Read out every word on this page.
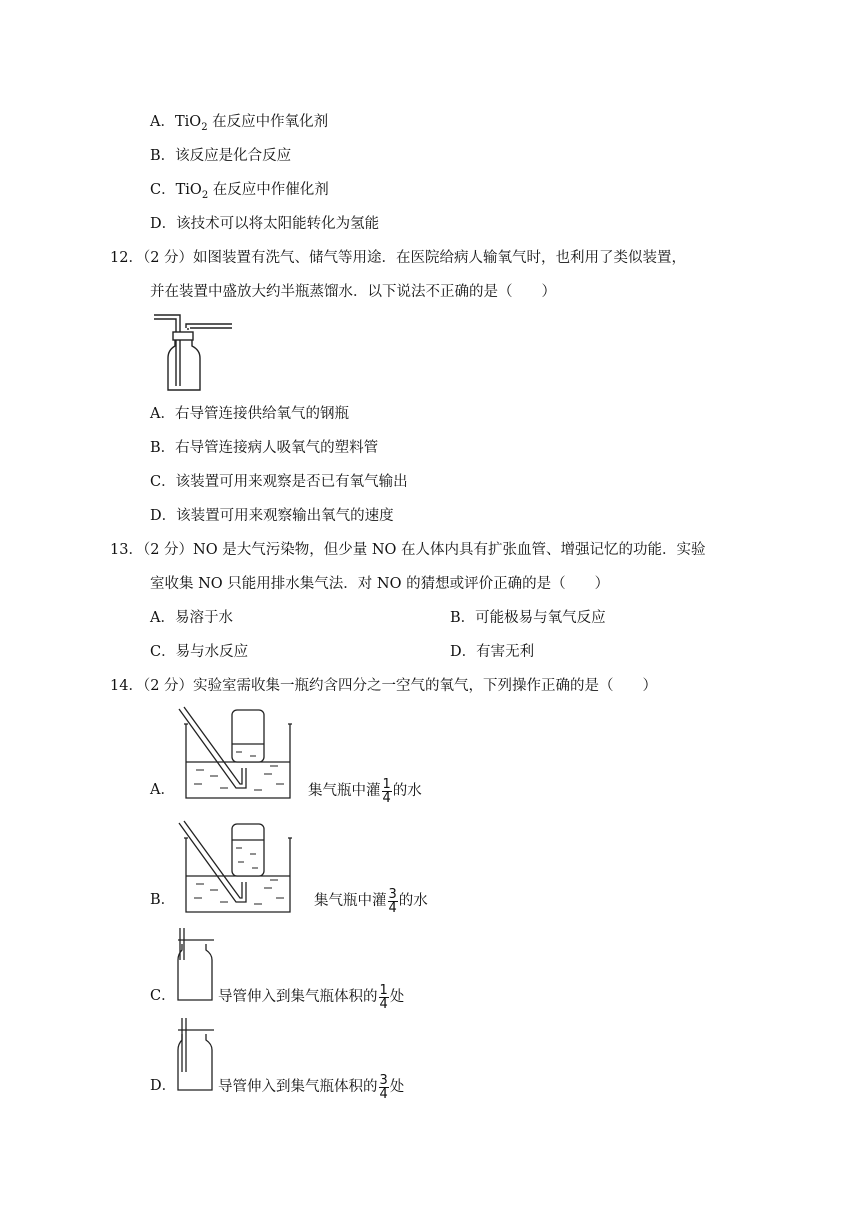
A．TiO$_2$ 在反应中作氧化剂
B．该反应是化合反应
C．TiO$_2$ 在反应中作催化剂
D．该技术可以将太阳能转化为氢能
12．（2 分）如图装置有洗气、储气等用途．在医院给病人输氧气时，也利用了类似装置，
并在装置中盛放大约半瓶蒸馏水．以下说法不正确的是（　　）
A．右导管连接供给氧气的钢瓶
B．右导管连接病人吸氧气的塑料管
C．该装置可用来观察是否已有氧气输出
D．该装置可用来观察输出氧气的速度
13．（2 分）NO 是大气污染物，但少量 NO 在人体内具有扩张血管、增强记忆的功能．实验
室收集 NO 只能用排水集气法．对 NO 的猜想或评价正确的是（　　）
A．易溶于水	B．可能极易与氧气反应
C．易与水反应	D．有害无利
14．（2 分）实验室需收集一瓶约含四分之一空气的氧气，下列操作正确的是（　　）
A．	集气瓶中灌 $\frac{1}{4}$ 的水
B．	集气瓶中灌 $\frac{3}{4}$ 的水
C．	导管伸入到集气瓶体积的 $\frac{1}{4}$ 处
D．	导管伸入到集气瓶体积的 $\frac{3}{4}$ 处
